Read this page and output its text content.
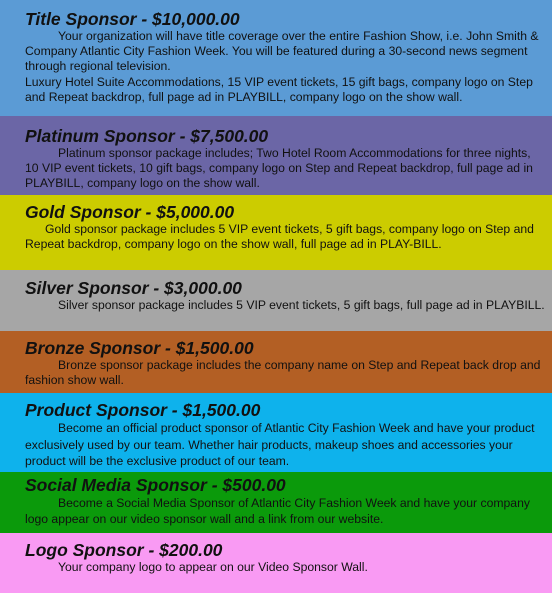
Title Sponsor - $10,000.00
Your organization will have title coverage over the entire Fashion Show, i.e. John Smith & Company Atlantic City Fashion Week. You will be featured during a 30-second news segment through regional television.
Luxury Hotel Suite Accommodations, 15 VIP event tickets, 15 gift bags, company logo on Step and Repeat backdrop, full page ad in PLAYBILL, company logo on the show wall.
Platinum Sponsor - $7,500.00
Platinum sponsor package includes; Two Hotel Room Accommodations for three nights, 10 VIP event tickets, 10 gift bags, company logo on Step and Repeat backdrop, full page ad in PLAYBILL, company logo on the show wall.
Gold Sponsor - $5,000.00
Gold sponsor package includes 5 VIP event tickets, 5 gift bags, company logo on Step and Repeat backdrop, company logo on the show wall, full page ad in PLAY-BILL.
Silver Sponsor - $3,000.00
Silver sponsor package includes 5 VIP event tickets, 5 gift bags, full page ad in PLAYBILL.
Bronze Sponsor - $1,500.00
Bronze sponsor package includes the company name on Step and Repeat back drop and fashion show wall.
Product Sponsor - $1,500.00
Become an official product sponsor of Atlantic City Fashion Week and have your product exclusively used by our team. Whether hair products, makeup shoes and accessories your product will be the exclusive product of our team.
Social Media Sponsor - $500.00
Become a Social Media Sponsor of Atlantic City Fashion Week and have your company logo appear on our video sponsor wall and a link from our website.
Logo Sponsor - $200.00
Your company logo to appear on our Video Sponsor Wall.
